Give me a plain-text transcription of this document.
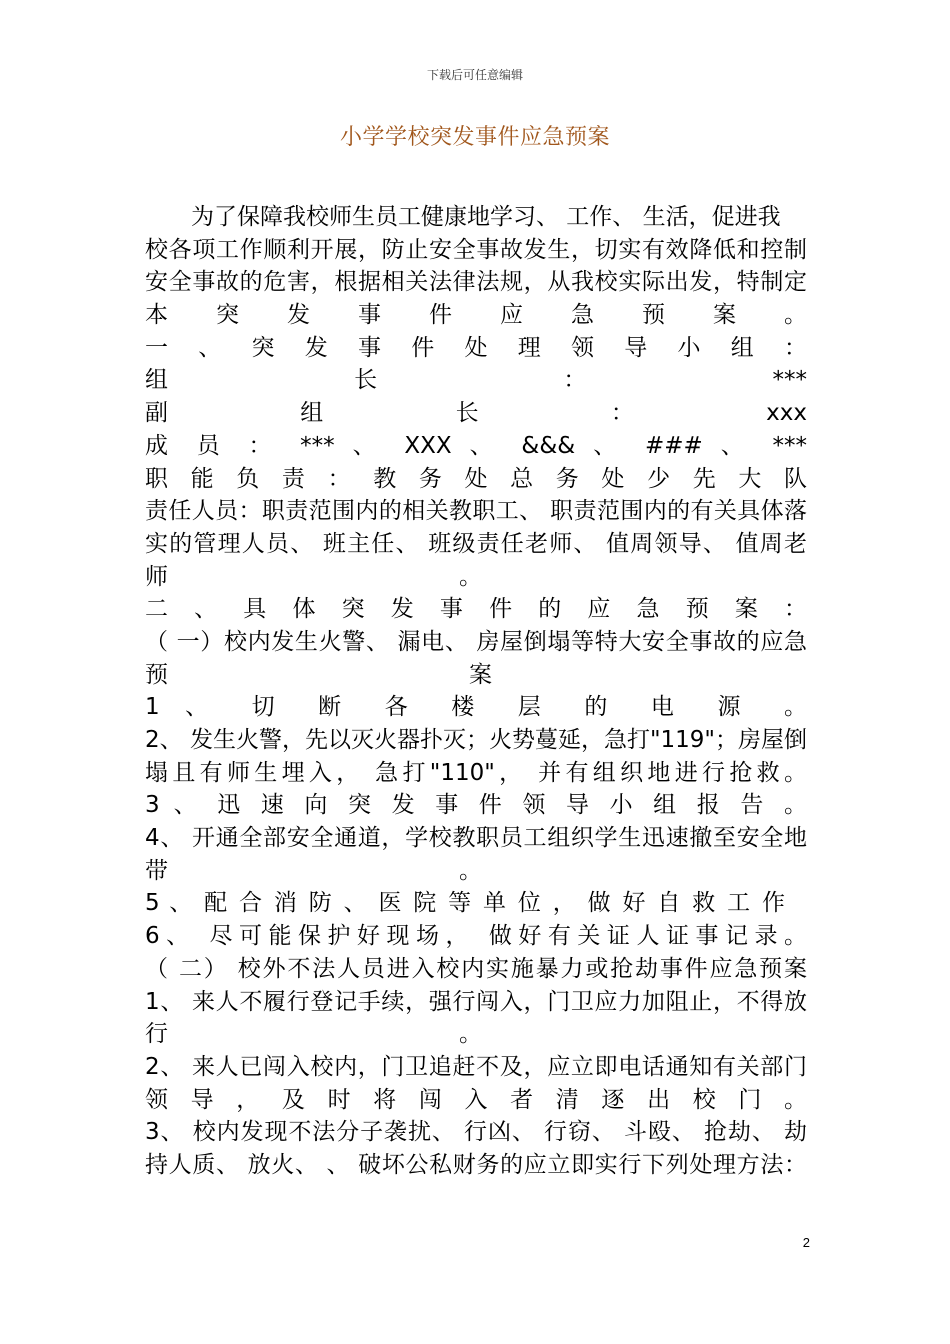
下载后可任意编辑
小学学校突发事件应急预案
为了保障我校师生员工健康地学习、 工作、 生活，促进我
校各项工作顺利开展，防止安全事故发生，切实有效降低和控制
安全事故的危害，根据相关法律法规，从我校实际出发，特制定
本 突 发 事 件 应 急 预 案 。
一 、 突 发 事 件 处 理 领 导 小 组 ：
组 长 ： ***
副 组 长 ： xxx
成 员 ： *** 、 XXX 、 &&& 、 ### 、 ***
职 能 负 责 ： 教 务 处 总 务 处 少 先 大 队
责任人员：职责范围内的相关教职工、 职责范围内的有关具体落
实的管理人员、 班主任、 班级责任老师、 值周领导、 值周老
师 。
二 、 具 体 突 发 事 件 的 应 急 预 案 ：
（ 一）校内发生火警、 漏电、 房屋倒塌等特大安全事故的应急
预 案
1 、 切 断 各 楼 层 的 电 源 。
2、 发生火警，先以灭火器扑灭；火势蔓延，急打"119"；房屋倒
塌且有师生埋入， 急打"110"， 并有组织地进行抢救。
3 、 迅 速 向 突 发 事 件 领 导 小 组 报 告 。
4、 开通全部安全通道，学校教职员工组织学生迅速撤至安全地
带 。
5 、 配 合 消 防 、 医 院 等 单 位 ， 做 好 自 救 工 作
6、 尽可能保护好现场， 做好有关证人证事记录。
（ 二） 校外不法人员进入校内实施暴力或抢劫事件应急预案
1、 来人不履行登记手续，强行闯入，门卫应力加阻止，不得放
行 。
2、 来人已闯入校内，门卫追赶不及，应立即电话通知有关部门
领 导 ， 及 时 将 闯 入 者 清 逐 出 校 门 。
3、 校内发现不法分子袭扰、 行凶、 行窃、 斗殴、 抢劫、 劫
持人质、 放火、 、 破坏公私财务的应立即实行下列处理方法：
2
